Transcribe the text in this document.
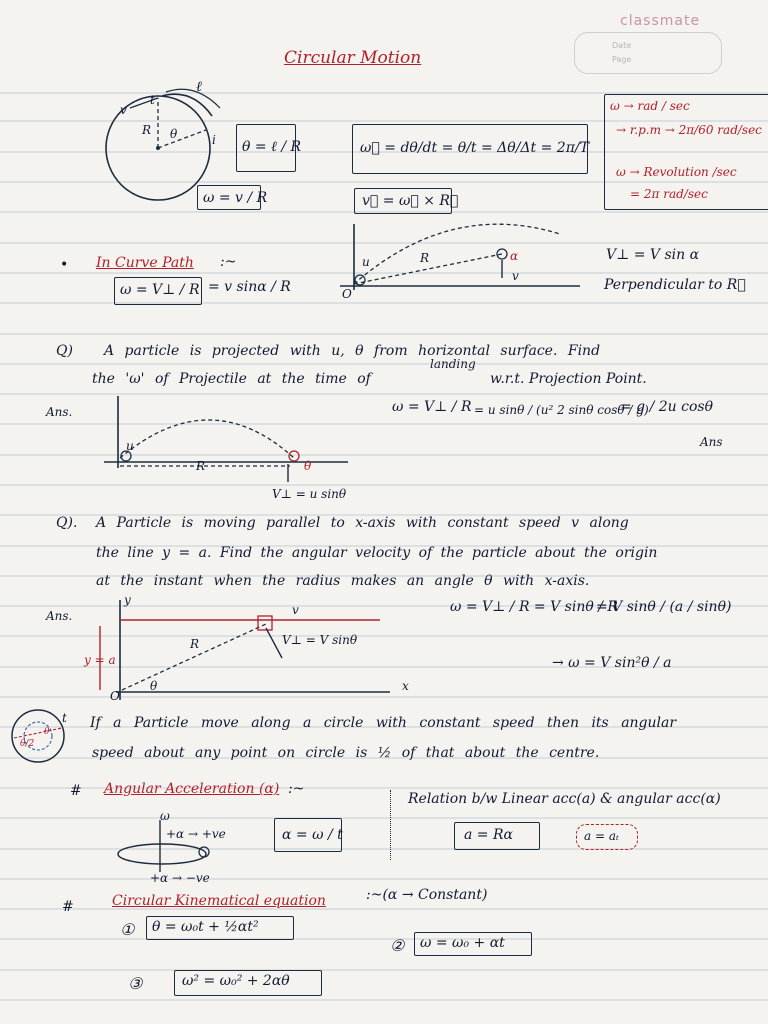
classmate
Date
Page
Circular Motion
v
t
ℓ
R θ	i θ = ℓ / R
ω = v / R
ω⃗ = dθ/dt = θ/t = Δθ/Δt = 2π/T
v⃗ = ω⃗ × R⃗
ω → rad / sec
→ r.p.m → 2π/60 rad/sec
ω → Revolution /sec
= 2π rad/sec
• In Curve Path :~
ω = V⊥ / R = v sinα / R
u	R	α
v
O
V⊥ = V sin α
Perpendicular to R⃗
Q) A particle is projected with u, θ from horizontal surface. Find
landing
the 'ω' of Projectile at the time of	w.r.t. Projection Point.
Ans.
u
R	θ
V⊥ = u sinθ
ω = V⊥ / R = u sinθ / (u² 2 sinθ cosθ / g)
= g / 2u cosθ
Ans
Q). A Particle is moving parallel to x-axis with constant speed v along
the line y = a. Find the angular velocity of the particle about the origin
at the instant when the radius makes an angle θ with x-axis.
Ans.
y
x
y = a
O
R
θ
v
V⊥ = V sinθ
ω = V⊥ / R = V sinθ / R
= V sinθ / (a / sinθ)
→ ω = V sin²θ / a
t
θ/2
θ
If a Particle move along a circle with constant speed then its angular
speed about any point on circle is ½ of that about the centre.
# Angular Acceleration (α) :~
ω
+α → +ve
+α → −ve
α = ω / t
Relation b/w Linear acc(a) & angular acc(α)
a = Rα	a = aₜ
#	Circular Kinematical equation	:~(α → Constant)
① θ = ω₀t + ½αt²
② ω = ω₀ + αt
③	ω² = ω₀² + 2αθ
